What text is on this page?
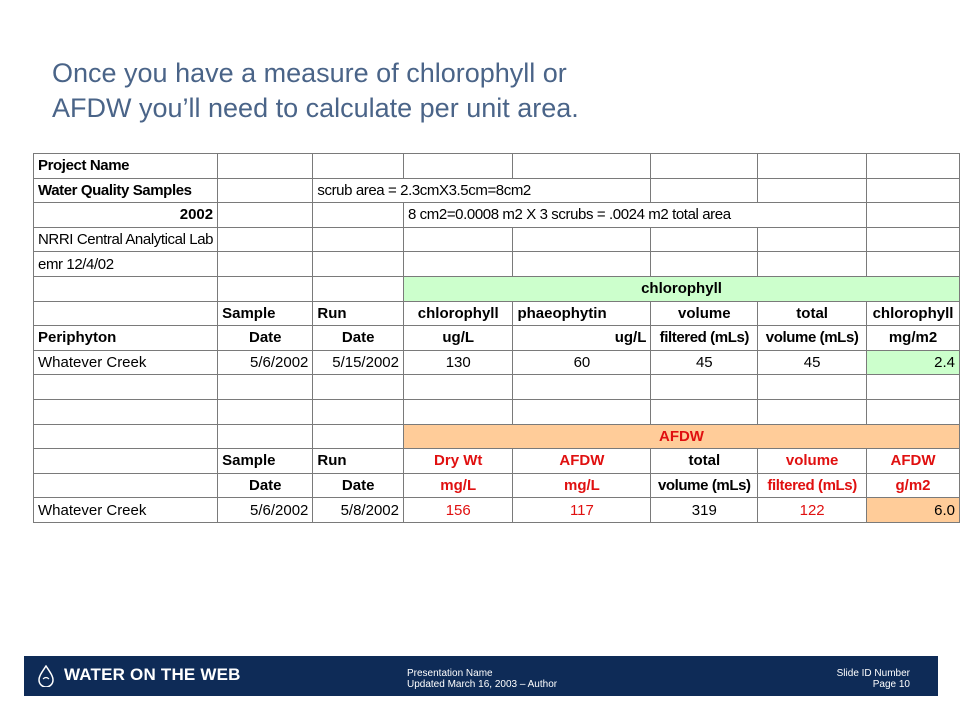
Once you have a measure of chlorophyll or
AFDW you’ll need to calculate per unit area.
Project Name							
Water Quality Samples		scrub area = 2.3cmX3.5cm=8cm2					
2002			8 cm2=0.0008 m2 X 3 scrubs = .0024 m2 total area				
NRRI Central Analytical Lab							
emr 12/4/02							
			chlorophyll				
	Sample	Run	chlorophyll	phaeophytin	volume	total	chlorophyll
Periphyton	Date	Date	ug/L	ug/L	filtered (mLs)	volume (mLs)	mg/m2
Whatever Creek	5/6/2002	5/15/2002	130	60	45	45	2.4

			AFDW				
	Sample	Run	Dry Wt	AFDW	total	volume	AFDW
	Date	Date	mg/L	mg/L	volume (mLs)	filtered (mLs)	g/m2
Whatever Creek	5/6/2002	5/8/2002	156	117	319	122	6.0
WATER ON THE WEB	Presentation Name
Updated March 16, 2003 – Author
Slide ID Number
Page 10
